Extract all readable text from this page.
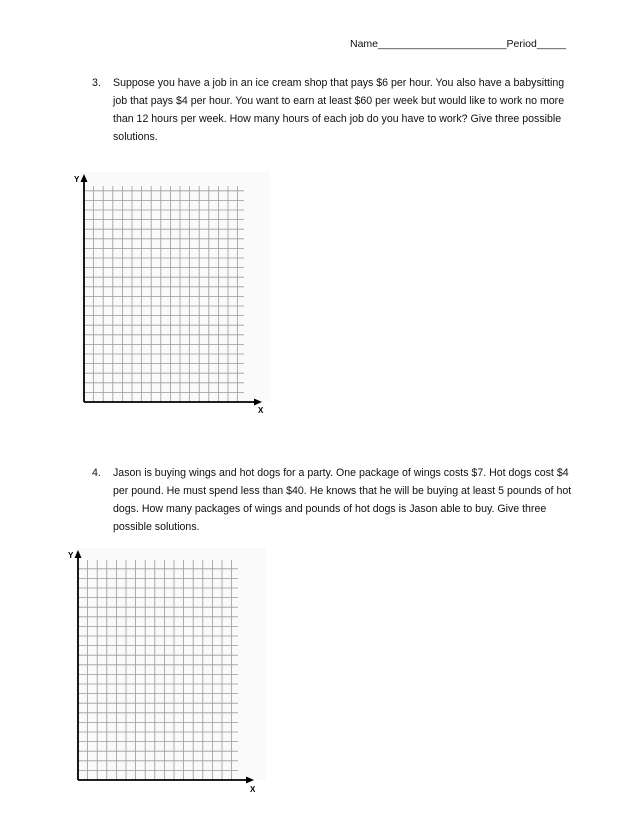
Name______________________Period_____
3. Suppose you have a job in an ice cream shop that pays $6 per hour. You also have a babysitting job that pays $4 per hour. You want to earn at least $60 per week but would like to work no more than 12 hours per week. How many hours of each job do you have to work? Give three possible solutions.
Y
X
4. Jason is buying wings and hot dogs for a party. One package of wings costs $7. Hot dogs cost $4 per pound. He must spend less than $40. He knows that he will be buying at least 5 pounds of hot dogs. How many packages of wings and pounds of hot dogs is Jason able to buy. Give three possible solutions.
Y
X
